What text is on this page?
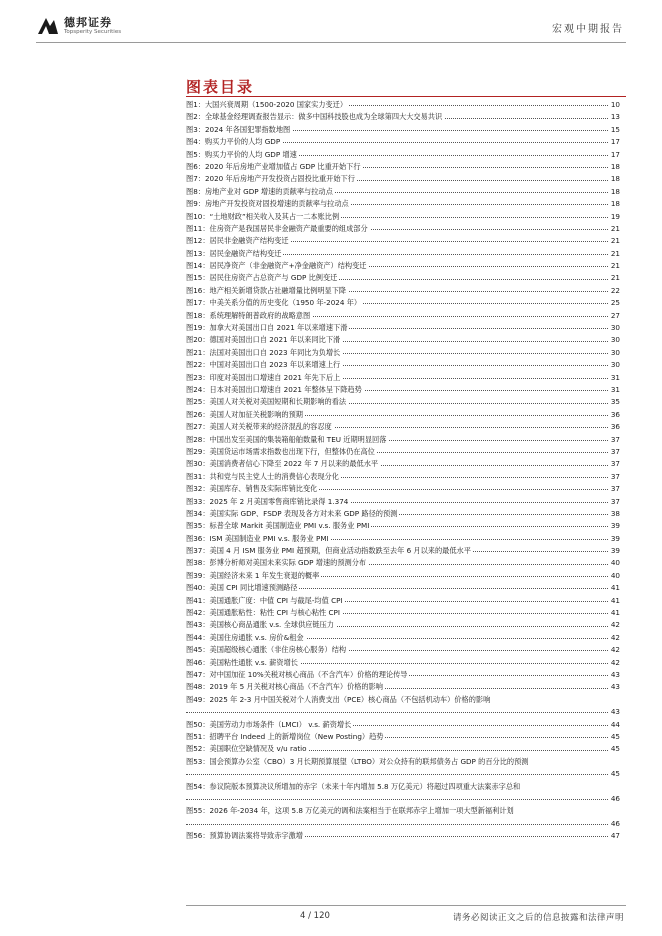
德邦证券
Topsperity Securities	宏观中期报告
图表目录
图1：大国兴衰周期（1500-2020 国家实力变迁）	10
图2：全球基金经理调查报告显示：做多中国科技股也成为全球第四大大交易共识	13
图3：2024 年各国犯罪指数地图	15
图4：购买力平价的人均 GDP	17
图5：购买力平价的人均 GDP 增速	17
图6：2020 年后房地产业增加值占 GDP 比重开始下行	18
图7：2020 年后房地产开发投资占固投比重开始下行	18
图8：房地产业对 GDP 增速的贡献率与拉动点	18
图9：房地产开发投资对固投增速的贡献率与拉动点	18
图10：“土地财政”相关收入及其占一二本账比例	19
图11：住房资产是我国居民非金融资产最重要的组成部分	21
图12：居民非金融资产结构变迁	21
图13：居民金融资产结构变迁	21
图14：居民净资产（非金融资产+净金融资产）结构变迁	21
图15：居民住房资产占总资产与 GDP 比例变迁	21
图16：地产相关新增贷款占社融增量比例明显下降	22
图17：中美关系分值的历史变化（1950 年-2024 年）	25
图18：系统理解特朗普政府的战略意图	27
图19：加拿大对美国出口自 2021 年以来增速下滑	30
图20：德国对美国出口自 2021 年以来同比下滑	30
图21：法国对美国出口自 2023 年同比为负增长	30
图22：中国对美国出口自 2023 年以来增速上行	30
图23：印度对美国出口增速自 2021 年先下后上	31
图24：日本对美国出口增速自 2021 年整体呈下降趋势	31
图25：美国人对关税对美国短期和长期影响的看法	35
图26：美国人对加征关税影响的预期	36
图27：美国人对关税带来的经济混乱的容忍度	36
图28：中国出发至美国的集装箱船舶数量和 TEU 近期明显回落	37
图29：美国货运市场需求指数也出现下行，但整体仍在高位	37
图30：美国消费者信心下降至 2022 年 7 月以来的最低水平	37
图31：共和党与民主党人士的消费信心表现分化	37
图32：美国库存、销售及实际库销比变化	37
图33：2025 年 2 月美国零售商库销比录得 1.374	37
图34：美国实际 GDP、FSDP 表现及各方对未来 GDP 路径的预测	38
图35：标普全球 Markit 美国制造业 PMI v.s. 服务业 PMI	39
图36：ISM 美国制造业 PMI v.s. 服务业 PMI	39
图37：美国 4 月 ISM 服务业 PMI 超预期，但商业活动指数跌至去年 6 月以来的最低水平	39
图38：彭博分析师对美国未来实际 GDP 增速的预测分布	40
图39：美国经济未来 1 年发生衰退的概率	40
图40：美国 CPI 同比增速预测路径	41
图41：美国通胀广度：中值 CPI 与截尾-均值 CPI	41
图42：美国通胀粘性：粘性 CPI 与核心粘性 CPI	41
图43：美国核心商品通胀 v.s. 全球供应链压力	42
图44：美国住房通胀 v.s. 房价&租金	42
图45：美国超级核心通胀（非住房核心服务）结构	42
图46：美国粘性通胀 v.s. 薪资增长	42
图47：对中国加征 10%关税对核心商品（不含汽车）价格的理论传导	43
图48：2019 年 5 月关税对核心商品（不含汽车）价格的影响	43
图49：2025 年 2-3 月中国关税对个人消费支出（PCE）核心商品（不包括机动车）价格的影响
43
图50：美国劳动力市场条件（LMCI） v.s. 薪资增长	44
图51：招聘平台 Indeed 上的新增岗位（New Posting）趋势	45
图52：美国职位空缺情况及 v/u ratio	45
图53：国会预算办公室（CBO）3 月长期预算展望（LTBO）对公众持有的联邦债务占 GDP 的百分比的预测
45
图54：参议院版本预算决议所增加的赤字（未来十年内增加 5.8 万亿美元）将超过四项重大法案赤字总和
46
图55：2026 年-2034 年，这项 5.8 万亿美元的调和法案相当于在联邦赤字上增加一项大型新福利计划
46
图56：预算协调法案将导致赤字激增	47
4 / 120	请务必阅读正文之后的信息披露和法律声明
